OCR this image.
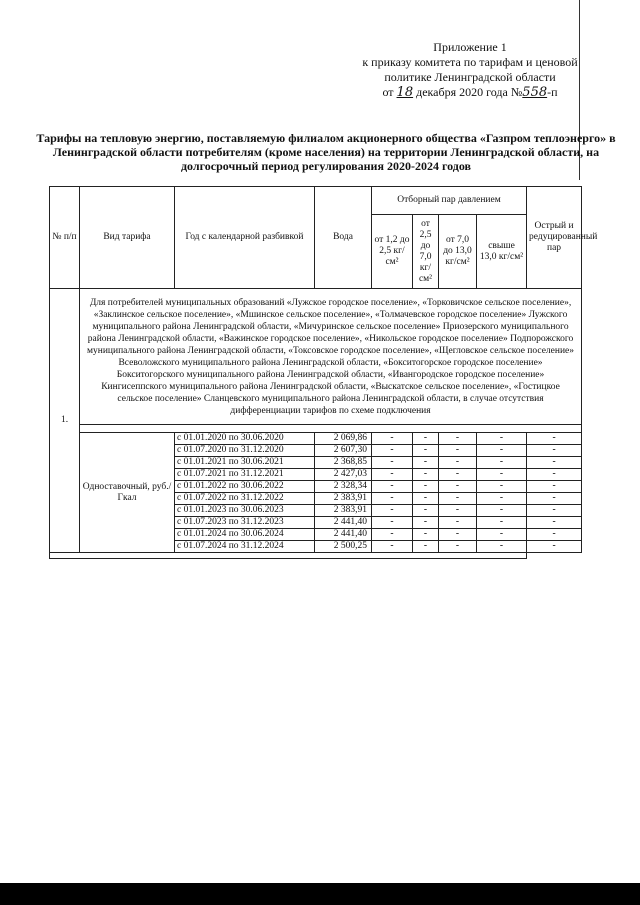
Приложение 1
к приказу комитета по тарифам и ценовой
политике Ленинградской области
от 18 декабря 2020 года №558-п
Тарифы на тепловую энергию, поставляемую филиалом акционерного общества «Газпром теплоэнерго» в Ленинградской области потребителям (кроме населения) на территории Ленинградской области, на долгосрочный период регулирования 2020-2024 годов
№ п/п	Вид тарифа	Год с календарной разбивкой	Вода	Отборный пар давлением				Острый и редуцированный пар
				от 1,2 до 2,5 кг/см²	от 2,5 до 7,0 кг/см²	от 7,0 до 13,0 кг/см²	свыше 13,0 кг/см²	
1.	Для потребителей муниципальных образований «Лужское городское поселение», «Торковичское сельское поселение», «Заклинское сельское поселение», «Мшинское сельское поселение», «Толмачевское городское поселение» Лужского муниципального района Ленинградской области, «Мичуринское сельское поселение» Приозерского муниципального района Ленинградской области, «Важинское городское поселение», «Никольское городское поселение» Подпорожского муниципального района Ленинградской области, «Токсовское городское поселение», «Щегловское сельское поселение» Всеволожского муниципального района Ленинградской области, «Бокситогорское городское поселение» Бокситогорского муниципального района Ленинградской области, «Ивангородское городское поселение» Кингисеппского муниципального района Ленинградской области, «Выскатское сельское поселение», «Гостицкое сельское поселение» Сланцевского муниципального района Ленинградской области, в случае отсутствия дифференциации тарифов по схеме подключения							

	Одноставочный, руб./Гкал	с 01.01.2020 по 30.06.2020	2 069,86	-	-	-	-	-
		с 01.07.2020 по 31.12.2020	2 607,30	-	-	-	-	-
		с 01.01.2021 по 30.06.2021	2 368,85	-	-	-	-	-
		с 01.07.2021 по 31.12.2021	2 427,03	-	-	-	-	-
		с 01.01.2022 по 30.06.2022	2 328,34	-	-	-	-	-
		с 01.07.2022 по 31.12.2022	2 383,91	-	-	-	-	-
		с 01.01.2023 по 30.06.2023	2 383,91	-	-	-	-	-
		с 01.07.2023 по 31.12.2023	2 441,40	-	-	-	-	-
		с 01.01.2024 по 30.06.2024	2 441,40	-	-	-	-	-
		с 01.07.2024 по 31.12.2024	2 500,25	-	-	-	-	-
